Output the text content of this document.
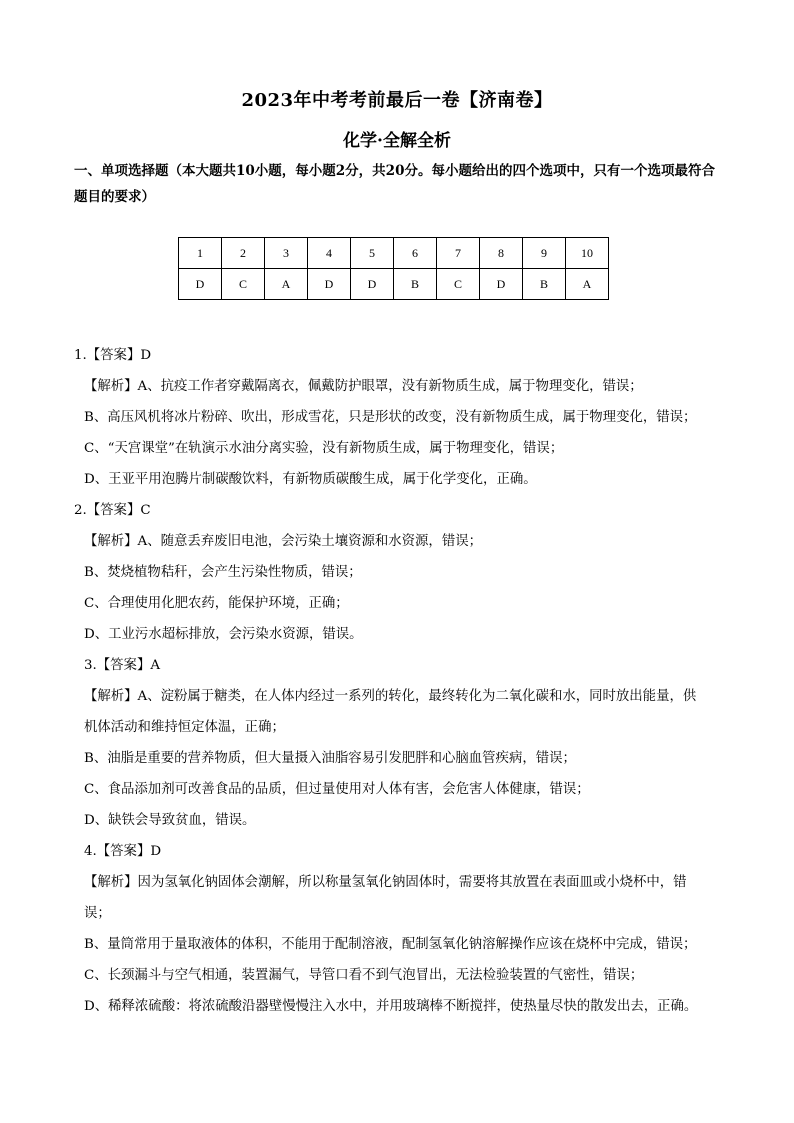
2023年中考考前最后一卷【济南卷】
化学·全解全析
一、单项选择题（本大题共10小题，每小题2分，共20分。每小题给出的四个选项中，只有一个选项最符合题目的要求）
1	2	3	4	5	6	7	8	9	10
D	C	A	D	D	B	C	D	B	A
1.【答案】D
【解析】A、抗疫工作者穿戴隔离衣，佩戴防护眼罩，没有新物质生成，属于物理变化，错误；
B、高压风机将冰片粉碎、吹出，形成雪花，只是形状的改变，没有新物质生成，属于物理变化，错误；
C、“天宫课堂”在轨演示水油分离实验，没有新物质生成，属于物理变化，错误；
D、王亚平用泡腾片制碳酸饮料，有新物质碳酸生成，属于化学变化，正确。
2.【答案】C
【解析】A、随意丢弃废旧电池，会污染土壤资源和水资源，错误；
B、焚烧植物秸秆，会产生污染性物质，错误；
C、合理使用化肥农药，能保护环境，正确；
D、工业污水超标排放，会污染水资源，错误。
3.【答案】A
【解析】A、淀粉属于糖类，在人体内经过一系列的转化，最终转化为二氧化碳和水，同时放出能量，供
机体活动和维持恒定体温，正确；
B、油脂是重要的营养物质，但大量摄入油脂容易引发肥胖和心脑血管疾病，错误；
C、食品添加剂可改善食品的品质，但过量使用对人体有害，会危害人体健康，错误；
D、缺铁会导致贫血，错误。
4.【答案】D
【解析】因为氢氧化钠固体会潮解，所以称量氢氧化钠固体时，需要将其放置在表面皿或小烧杯中，错
误；
B、量筒常用于量取液体的体积，不能用于配制溶液，配制氢氧化钠溶解操作应该在烧杯中完成，错误；
C、长颈漏斗与空气相通，装置漏气，导管口看不到气泡冒出，无法检验装置的气密性，错误；
D、稀释浓硫酸：将浓硫酸沿器壁慢慢注入水中，并用玻璃棒不断搅拌，使热量尽快的散发出去，正确。
